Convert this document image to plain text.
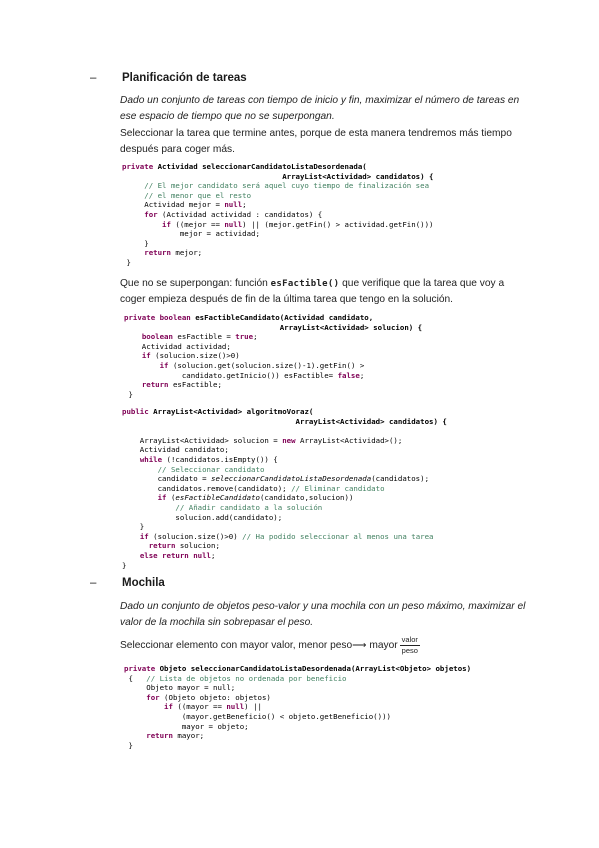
– Planificación de tareas
Dado un conjunto de tareas con tiempo de inicio y fin, maximizar el número de tareas en ese espacio de tiempo que no se superpongan.
Seleccionar la tarea que termine antes, porque de esta manera tendremos más tiempo después para coger más.
private Actividad seleccionarCandidatoListaDesordenada(
ArrayList<Actividad> candidatos) {
// El mejor candidato será aquel cuyo tiempo de finalización sea
// el menor que el resto
Actividad mejor = null;
for (Actividad actividad : candidatos) {
if ((mejor == null) || (mejor.getFin() > actividad.getFin()))
mejor = actividad;
}
return mejor;
}
Que no se superpongan: función esFactible() que verifique que la tarea que voy a coger empieza después de fin de la última tarea que tengo en la solución.
private boolean esFactibleCandidato(Actividad candidato,
ArrayList<Actividad> solucion) {
boolean esFactible = true;
Actividad actividad;
if (solucion.size()>0)
if (solucion.get(solucion.size()-1).getFin() >
candidato.getInicio()) esFactible= false;
return esFactible;
}
public ArrayList<Actividad> algoritmoVoraz(
ArrayList<Actividad> candidatos) {

ArrayList<Actividad> solucion = new ArrayList<Actividad>();
Actividad candidato;
while (!candidatos.isEmpty()) {
// Seleccionar candidato
candidato = seleccionarCandidatoListaDesordenada(candidatos);
candidatos.remove(candidato); // Eliminar candidato
if (esFactibleCandidato(candidato,solucion))
// Añadir candidato a la solución
solucion.add(candidato);
}
if (solucion.size()>0) // Ha podido seleccionar al menos una tarea
return solucion;
else return null;
}
– Mochila
Dado un conjunto de objetos peso-valor y una mochila con un peso máximo, maximizar el valor de la mochila sin sobrepasar el peso.
Seleccionar elemento con mayor valor, menor peso⟶ mayor $\frac{\text{valor}}{\text{peso}}$
private Objeto seleccionarCandidatoListaDesordenada(ArrayList<Objeto> objetos)
{   // Lista de objetos no ordenada por beneficio
Objeto mayor = null;
for (Objeto objeto: objetos)
if ((mayor == null) ||
(mayor.getBeneficio() < objeto.getBeneficio()))
mayor = objeto;
return mayor;
}
